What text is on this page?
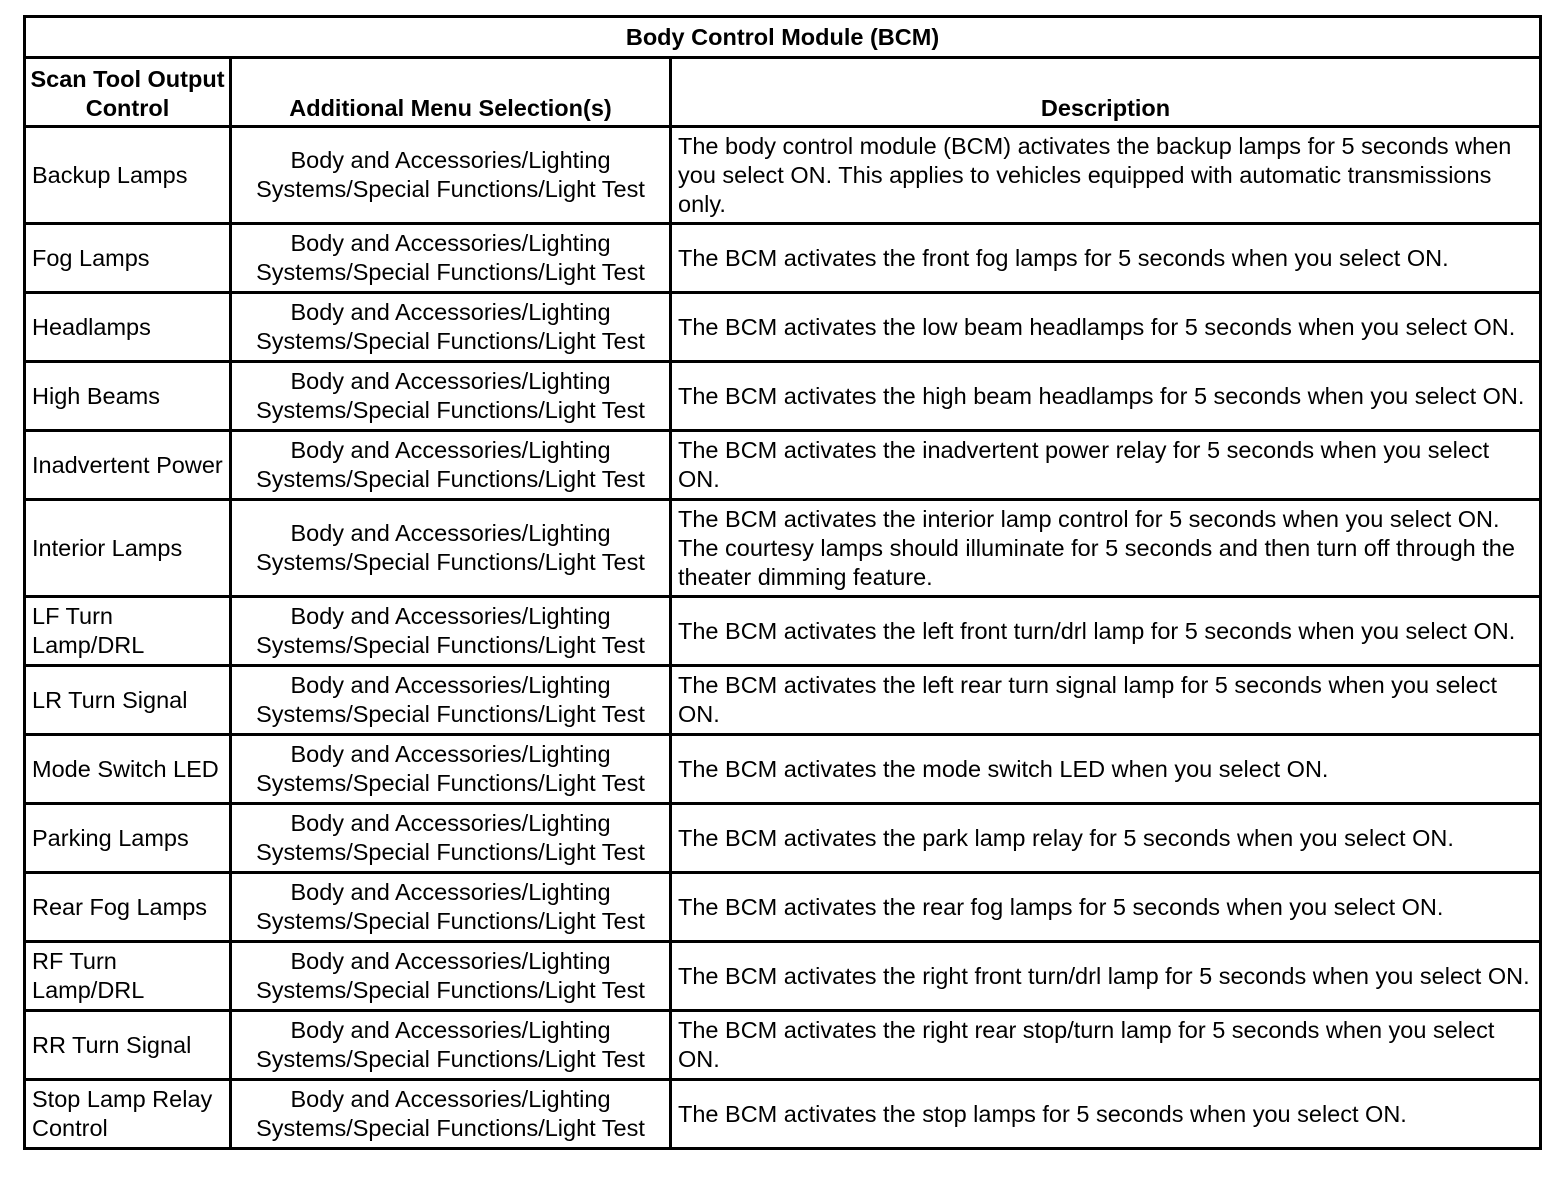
Body Control Module (BCM)		
Scan Tool Output Control	Additional Menu Selection(s)	Description
Backup Lamps	Body and Accessories/Lighting Systems/Special Functions/Light Test	The body control module (BCM) activates the backup lamps for 5 seconds when you select ON. This applies to vehicles equipped with automatic transmissions only.
Fog Lamps	Body and Accessories/Lighting Systems/Special Functions/Light Test	The BCM activates the front fog lamps for 5 seconds when you select ON.
Headlamps	Body and Accessories/Lighting Systems/Special Functions/Light Test	The BCM activates the low beam headlamps for 5 seconds when you select ON.
High Beams	Body and Accessories/Lighting Systems/Special Functions/Light Test	The BCM activates the high beam headlamps for 5 seconds when you select ON.
Inadvertent Power	Body and Accessories/Lighting Systems/Special Functions/Light Test	The BCM activates the inadvertent power relay for 5 seconds when you select ON.
Interior Lamps	Body and Accessories/Lighting Systems/Special Functions/Light Test	The BCM activates the interior lamp control for 5 seconds when you select ON. The courtesy lamps should illuminate for 5 seconds and then turn off through the theater dimming feature.
LF Turn Lamp/DRL	Body and Accessories/Lighting Systems/Special Functions/Light Test	The BCM activates the left front turn/drl lamp for 5 seconds when you select ON.
LR Turn Signal	Body and Accessories/Lighting Systems/Special Functions/Light Test	The BCM activates the left rear turn signal lamp for 5 seconds when you select ON.
Mode Switch LED	Body and Accessories/Lighting Systems/Special Functions/Light Test	The BCM activates the mode switch LED when you select ON.
Parking Lamps	Body and Accessories/Lighting Systems/Special Functions/Light Test	The BCM activates the park lamp relay for 5 seconds when you select ON.
Rear Fog Lamps	Body and Accessories/Lighting Systems/Special Functions/Light Test	The BCM activates the rear fog lamps for 5 seconds when you select ON.
RF Turn Lamp/DRL	Body and Accessories/Lighting Systems/Special Functions/Light Test	The BCM activates the right front turn/drl lamp for 5 seconds when you select ON.
RR Turn Signal	Body and Accessories/Lighting Systems/Special Functions/Light Test	The BCM activates the right rear stop/turn lamp for 5 seconds when you select ON.
Stop Lamp Relay Control	Body and Accessories/Lighting Systems/Special Functions/Light Test	The BCM activates the stop lamps for 5 seconds when you select ON.
